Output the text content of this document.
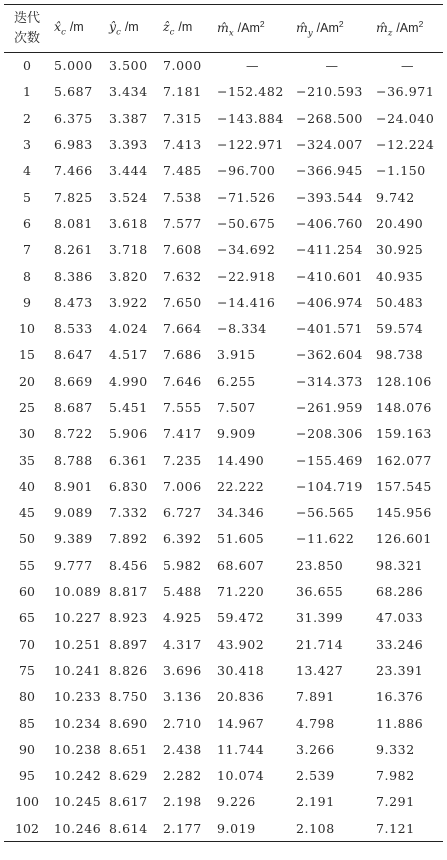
迭代
次数	$x̂_c$ /m	$ŷ_c$ /m	ẑ$_c$ /m	$m̂_x$ /Am$^2$	$m̂_y$ /Am$^2$	$m̂_z$ /Am$^2$
0	5.000	3.500	7.000	—	—	—
1	5.687	3.434	7.181	−152.482	−210.593	−36.971
2	6.375	3.387	7.315	−143.884	−268.500	−24.040
3	6.983	3.393	7.413	−122.971	−324.007	−12.224
4	7.466	3.444	7.485	−96.700	−366.945	−1.150
5	7.825	3.524	7.538	−71.526	−393.544	9.742
6	8.081	3.618	7.577	−50.675	−406.760	20.490
7	8.261	3.718	7.608	−34.692	−411.254	30.925
8	8.386	3.820	7.632	−22.918	−410.601	40.935
9	8.473	3.922	7.650	−14.416	−406.974	50.483
10	8.533	4.024	7.664	−8.334	−401.571	59.574
15	8.647	4.517	7.686	3.915	−362.604	98.738
20	8.669	4.990	7.646	6.255	−314.373	128.106
25	8.687	5.451	7.555	7.507	−261.959	148.076
30	8.722	5.906	7.417	9.909	−208.306	159.163
35	8.788	6.361	7.235	14.490	−155.469	162.077
40	8.901	6.830	7.006	22.222	−104.719	157.545
45	9.089	7.332	6.727	34.346	−56.565	145.956
50	9.389	7.892	6.392	51.605	−11.622	126.601
55	9.777	8.456	5.982	68.607	23.850	98.321
60	10.089	8.817	5.488	71.220	36.655	68.286
65	10.227	8.923	4.925	59.472	31.399	47.033
70	10.251	8.897	4.317	43.902	21.714	33.246
75	10.241	8.826	3.696	30.418	13.427	23.391
80	10.233	8.750	3.136	20.836	7.891	16.376
85	10.234	8.690	2.710	14.967	4.798	11.886
90	10.238	8.651	2.438	11.744	3.266	9.332
95	10.242	8.629	2.282	10.074	2.539	7.982
100	10.245	8.617	2.198	9.226	2.191	7.291
102	10.246	8.614	2.177	9.019	2.108	7.121
